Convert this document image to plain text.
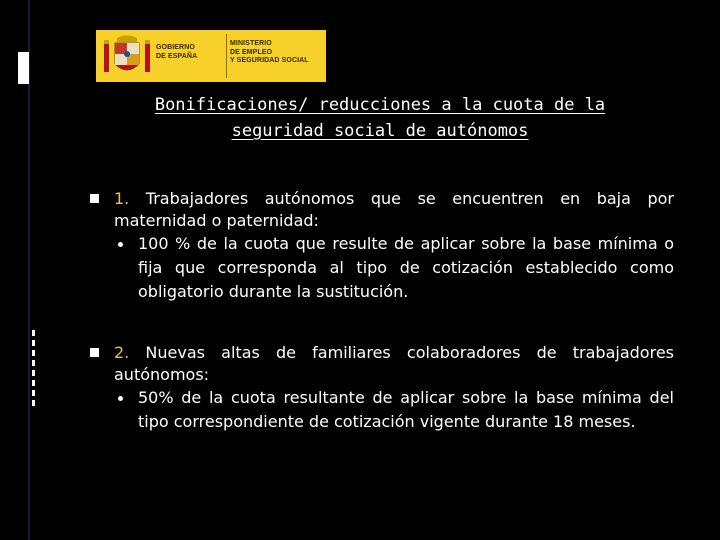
GOBIERNO
DE ESPAÑA
MINISTERIO
DE EMPLEO
Y SEGURIDAD SOCIAL
Bonificaciones/ reducciones a la cuota de la
seguridad social de autónomos
1. Trabajadores autónomos que se encuentren en baja por maternidad o paternidad:
100 % de la cuota que resulte de aplicar sobre la base mínima o fija que corresponda al tipo de cotización establecido como obligatorio durante la sustitución.
2. Nuevas altas de familiares colaboradores de trabajadores autónomos:
50% de la cuota resultante de aplicar sobre la base mínima del tipo correspondiente de cotización vigente durante 18 meses.
